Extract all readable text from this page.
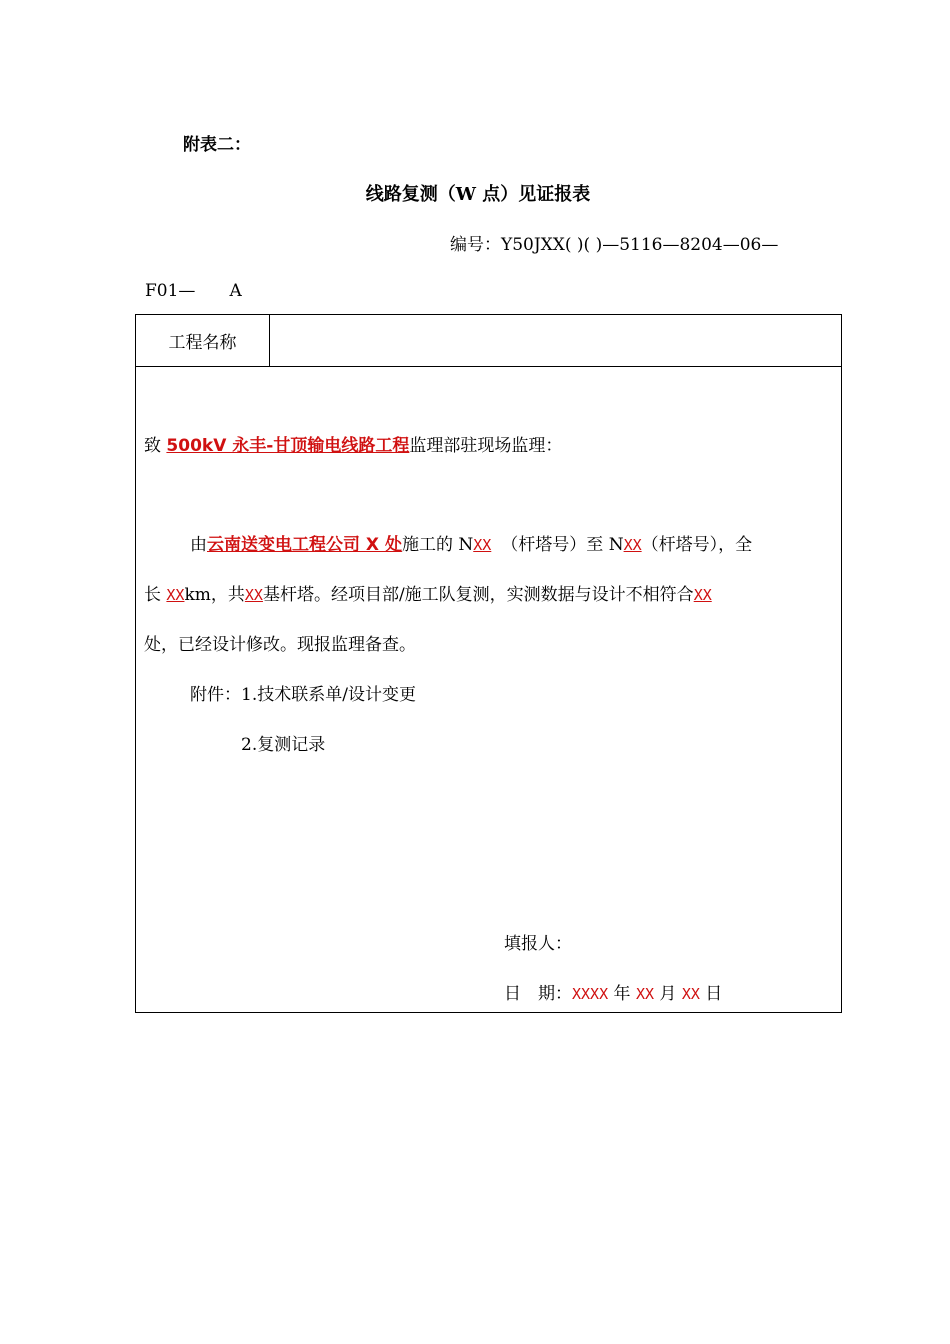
附表二：
线路复测（W 点）见证报表
编号：Y50JXX( )( )—5116—8204—06—
F01— A
工程名称
致 500kV 永丰-甘顶输电线路工程监理部驻现场监理：
由云南送变电工程公司 X 处施工的 NXX （杆塔号）至 NXX（杆塔号），全
长 XXkm，共XX基杆塔。经项目部/施工队复测，实测数据与设计不相符合XX
处，已经设计修改。现报监理备查。
附件：1.技术联系单/设计变更
2.复测记录
填报人：
日　期：XXXX 年 XX 月 XX 日
